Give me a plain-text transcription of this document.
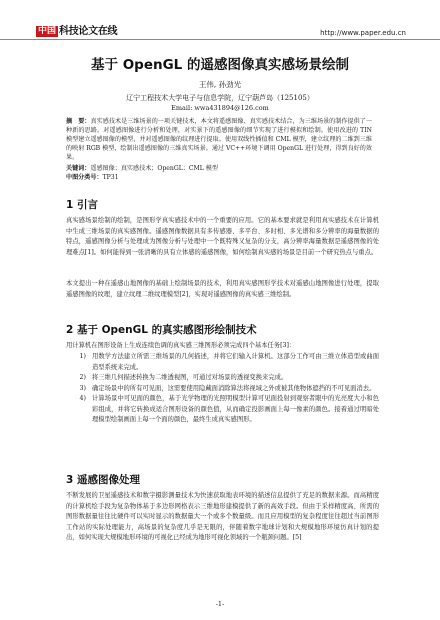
中国 科技论文在线	http://www.paper.edu.cn
基于 OpenGL 的遥感图像真实感场景绘制
王伟, 孙劲光
辽宁工程技术大学电子与信息学院，辽宁葫芦岛（125105）
Email: wwa431894@126.com
摘　要：真实感技术是三维场景的一项关键技术，本文将遥感图像、真实感技术结合，为三维场景的制作提供了一种新的思路。对遥感图像进行分析和处理，对实景下的遥感图像的细节实现了进行模拟和绘制。使用改进的 TIN 模型建立遥感图像的模型，并对遥感图像的纹理进行提取。使用双线性插值和 CML 模型，建立纹理的二维到三维的映射 RGB 模型，绘制出遥感图像的三维真实场景。通过 VC++环境下调用 OpenGL 进行处理，得到良好的效果。
关键词：遥感图像；真实感技术；OpenGL；CML 模型
中图分类号：TP31
1 引言
真实感场景绘制的绘制，是图形学真实感技术中的一个重要的应用。它的基本要求就是利用真实感技术在计算机中生成三维场景的真实感图像。遥感图像数据具有多传感器、多平台、多时相、多光谱和多分辨率的海量数据的特点，遥感图像分析与处理成为图像分析与处理中一个既特殊又复杂的分支，高分辨率海量数据是遥感图像的处理难点[1]。如何能得到一张清晰的具有立体感的遥感图像，如何绘制真实感的场景是目前一个研究热点与重点。
本文提出一种在遥感山地图像的基础上绘制场景的技术，利用真实感图形学技术对遥感山地图像进行处理，提取遥感图像的纹理，建立纹理二维纹理模型[2]，实现对遥感图像的真实感三维绘制。
2 基于 OpenGL 的真实感图形绘制技术
用计算机在图形设备上生成连续色调的真实感三维图形必须完成四个基本任务[3]：
1) 用数学方法建立所需三维场景的几何描述，并将它们输入计算机。这部分工作可由三维立体造型或曲面造型系统来完成。
2) 将三维几何描述转换为二维透视图，可通过对场景的透视变换来完成。
3) 确定场景中的所有可见面，这需要使用隐藏面消除算法将视域之外或被其他物体遮挡的不可见面消去。
4) 计算场景中可见面的颜色，基于光学物理的光照明模型计算可见面投射到观察者眼中的光亮度大小和色彩组成，并将它转换成适合图形设备的颜色值，从而确定投影画面上每一像素的颜色。接着通过明暗处理模型绘制画面上每一个面的颜色，最终生成真实感图形。
3 遥感图像处理
不断发展的卫星遥感技术和数字摄影测量技术为快速获取地表环境的描述信息提供了充足的数据来源。而高精度的计算机绘手段为复杂物体基于多边形网格表示三维地形建模提供了新的高效手段。但由于采样精度高、所需的图形数据量往往比硬件可以实时显示的数据量大一个或多个数量级。而且应用模型的复杂程度往往超过当前图形工作站的实际处理能力，高场景的复杂度几乎是无限的，伴随着数字地球计划和大规模地形环境仿真计划的提出，如何实现大规模地形环境的可视化已经成为地形可视化领域的一个瓶颈问题。[5]
-1-
